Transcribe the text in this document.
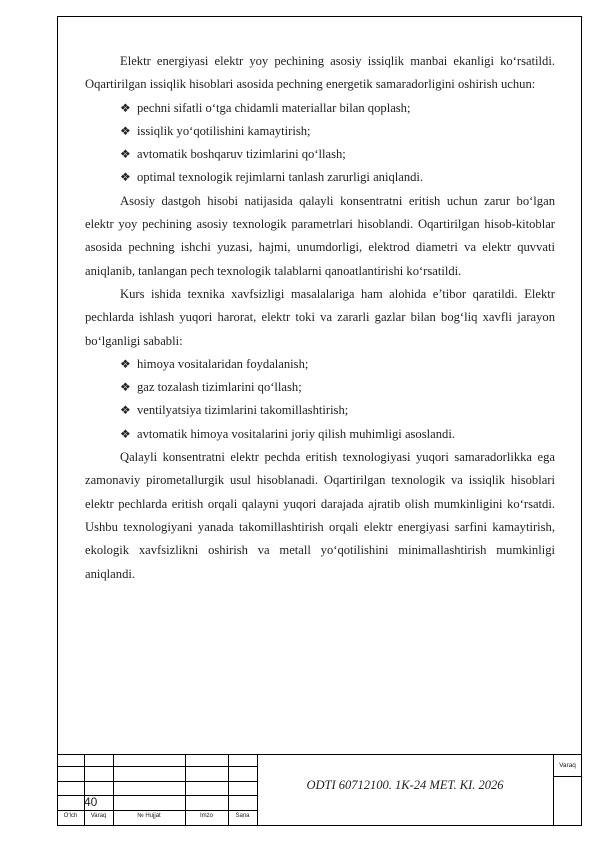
Elektr energiyasi elektr yoy pechining asosiy issiqlik manbai ekanligi ko‘rsatildi. Oqartirilgan issiqlik hisoblari asosida pechning energetik samaradorligini oshirish uchun:

❖ pechni sifatli o‘tga chidamli materiallar bilan qoplash;
❖ issiqlik yo‘qotilishini kamaytirish;
❖ avtomatik boshqaruv tizimlarini qo‘llash;
❖ optimal texnologik rejimlarni tanlash zarurligi aniqlandi.

Asosiy dastgoh hisobi natijasida qalayli konsentratni eritish uchun zarur bo‘lgan elektr yoy pechining asosiy texnologik parametrlari hisoblandi. Oqartirilgan hisob-kitoblar asosida pechning ishchi yuzasi, hajmi, unumdorligi, elektrod diametri va elektr quvvati aniqlanib, tanlangan pech texnologik talablarni qanoatlantirishi ko‘rsatildi.

Kurs ishida texnika xavfsizligi masalalariga ham alohida e’tibor qaratildi. Elektr pechlarda ishlash yuqori harorat, elektr toki va zararli gazlar bilan bog‘liq xavfli jarayon bo‘lganligi sababli:

❖ himoya vositalaridan foydalanish;
❖ gaz tozalash tizimlarini qo‘llash;
❖ ventilyatsiya tizimlarini takomillashtirish;
❖ avtomatik himoya vositalarini joriy qilish muhimligi asoslandi.

Qalayli konsentratni elektr pechda eritish texnologiyasi yuqori samaradorlikka ega zamonaviy pirometallurgik usul hisoblanadi. Oqartirilgan texnologik va issiqlik hisoblari elektr pechlarda eritish orqali qalayni yuqori darajada ajratib olish mumkinligini ko‘rsatdi. Ushbu texnologiyani yanada takomillashtirish orqali elektr energiyasi sarfini kamaytirish, ekologik xavfsizlikni oshirish va metall yo‘qotilishini minimallashtirish mumkinligi aniqlandi.

40
O‘lch	Varaq	№ Hujjat	Imzo	Sana
ODTI 60712100. 1K-24 MET. KI. 2026
Varaq
